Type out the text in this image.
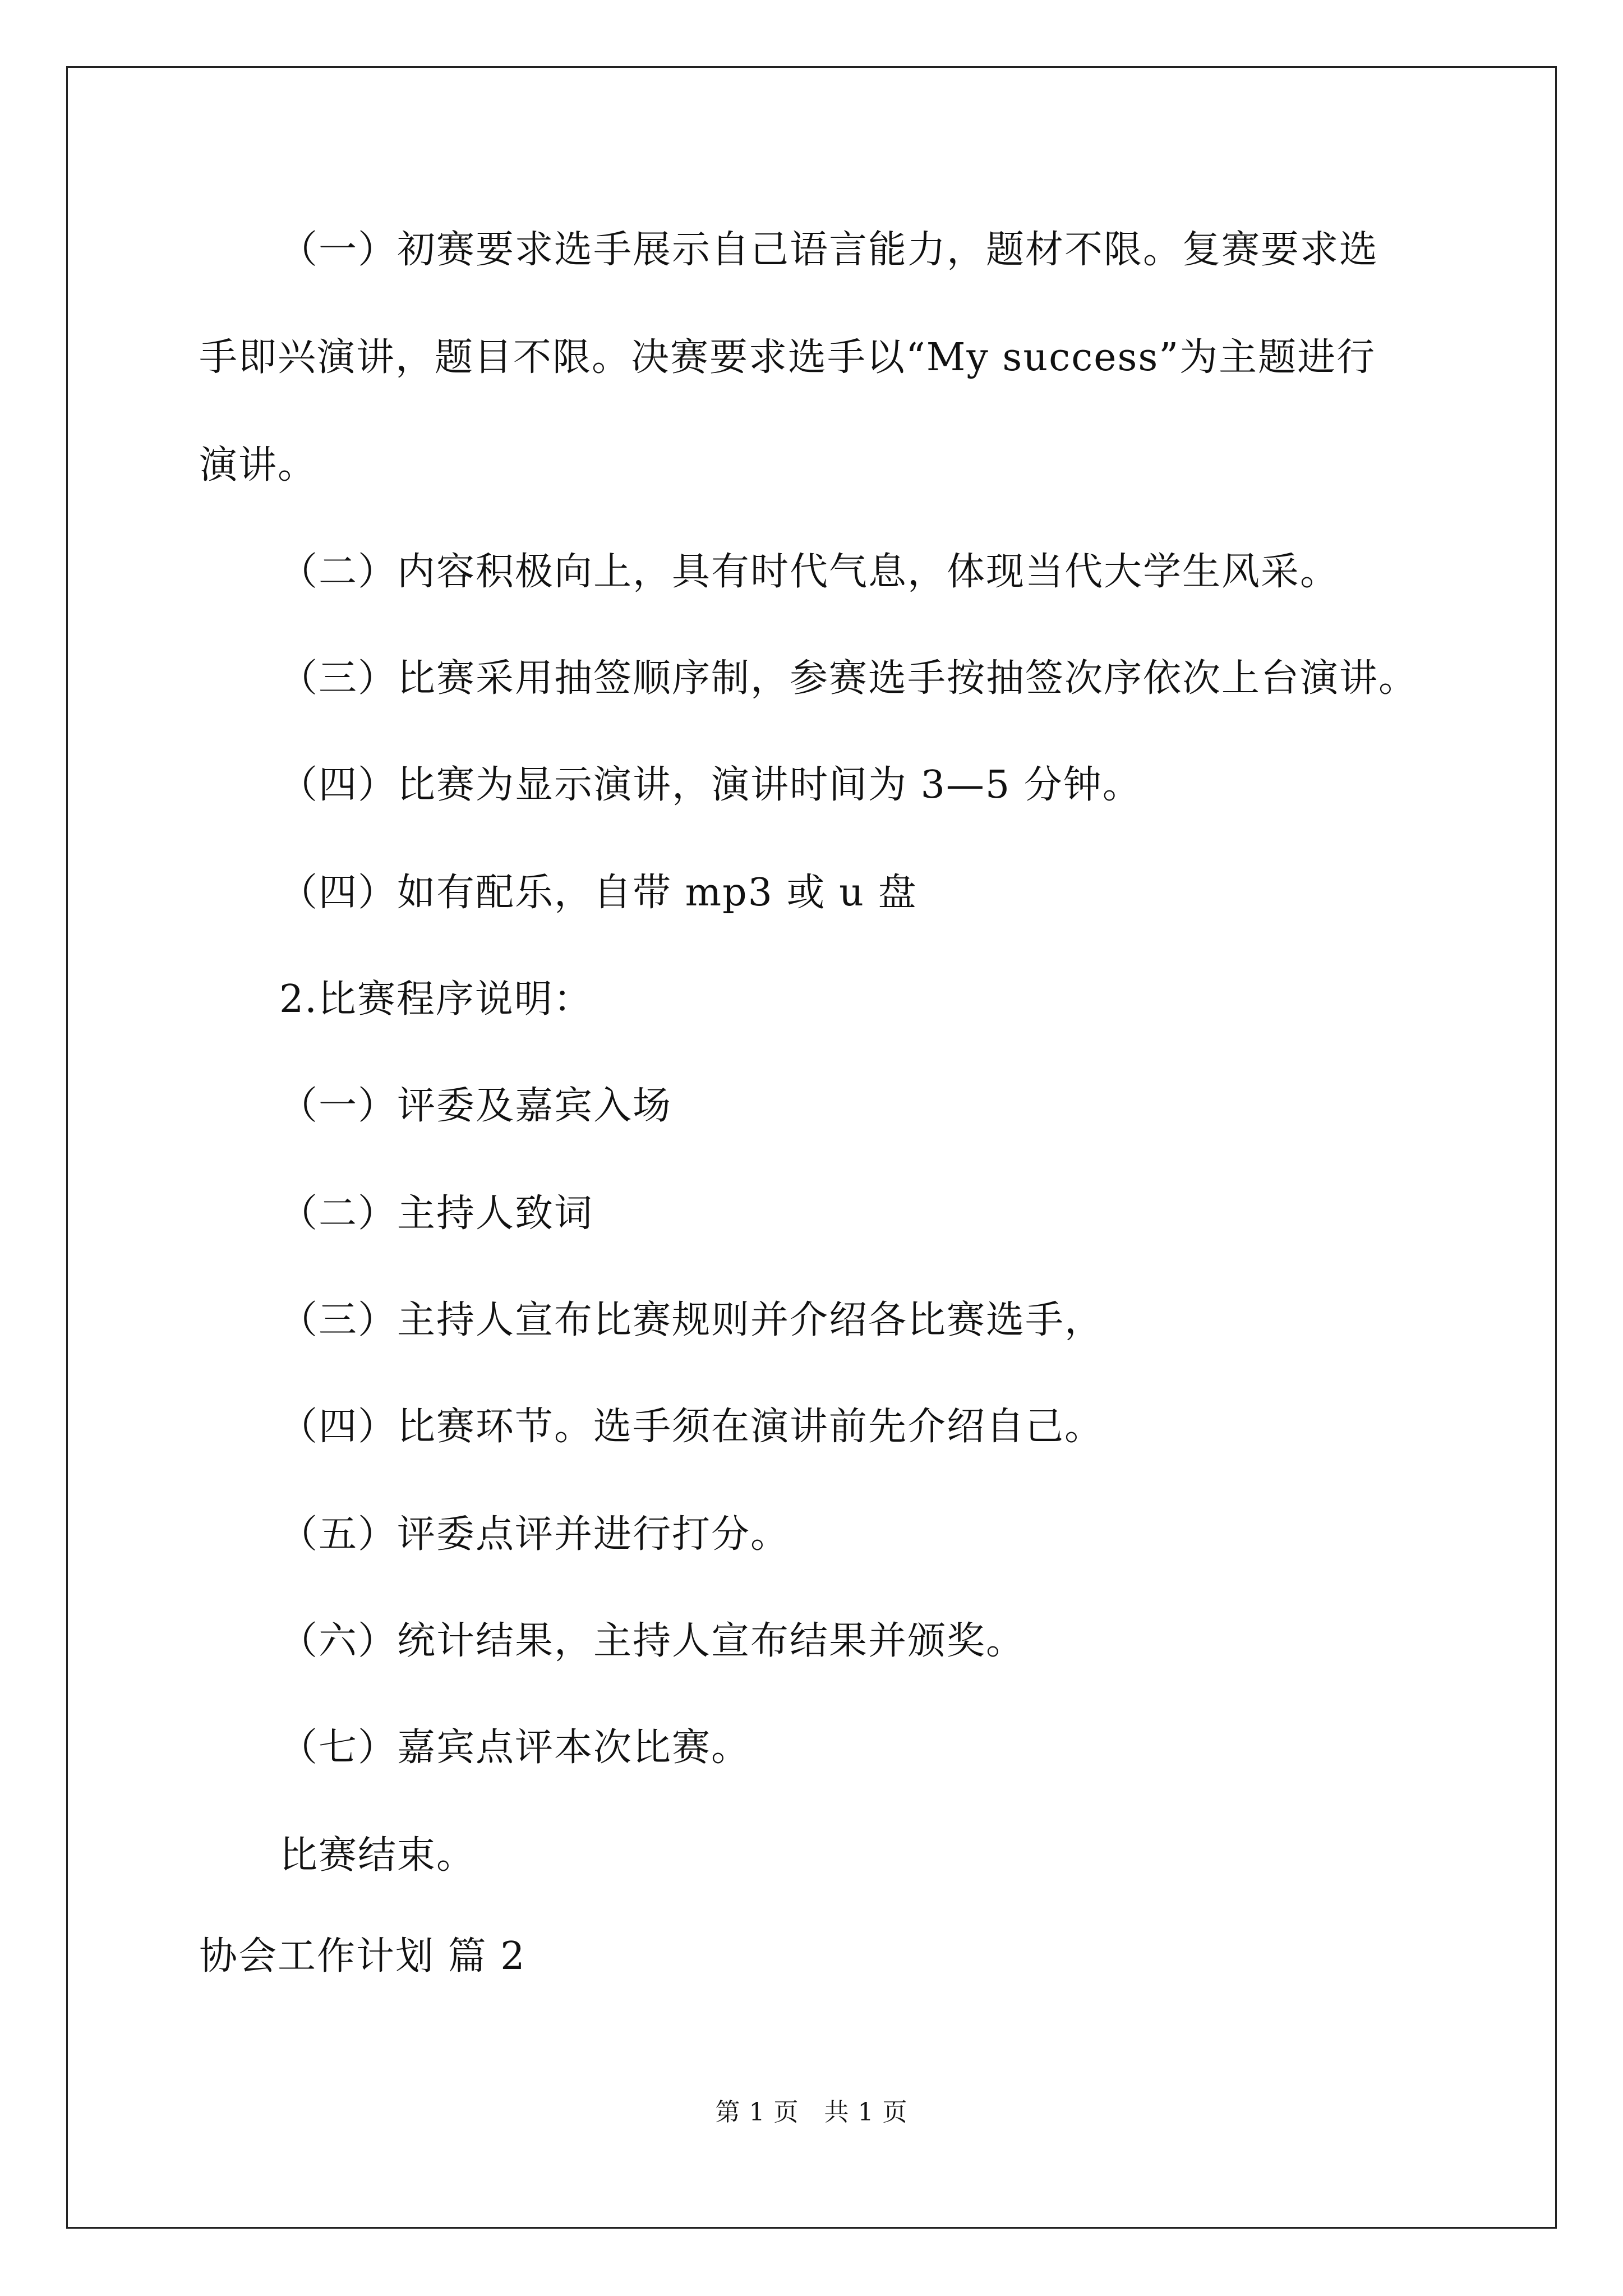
（一）初赛要求选手展示自己语言能力，题材不限。复赛要求选
手即兴演讲，题目不限。决赛要求选手以“My success”为主题进行
演讲。
（二）内容积极向上，具有时代气息，体现当代大学生风采。
（三）比赛采用抽签顺序制，参赛选手按抽签次序依次上台演讲。
（四）比赛为显示演讲，演讲时间为 3—5 分钟。
（四）如有配乐，自带 mp3 或 u 盘
2.比赛程序说明：
（一）评委及嘉宾入场
（二）主持人致词
（三）主持人宣布比赛规则并介绍各比赛选手，
（四）比赛环节。选手须在演讲前先介绍自己。
（五）评委点评并进行打分。
（六）统计结果，主持人宣布结果并颁奖。
（七）嘉宾点评本次比赛。
比赛结束。
协会工作计划 篇 2
第 1 页　共 1 页
